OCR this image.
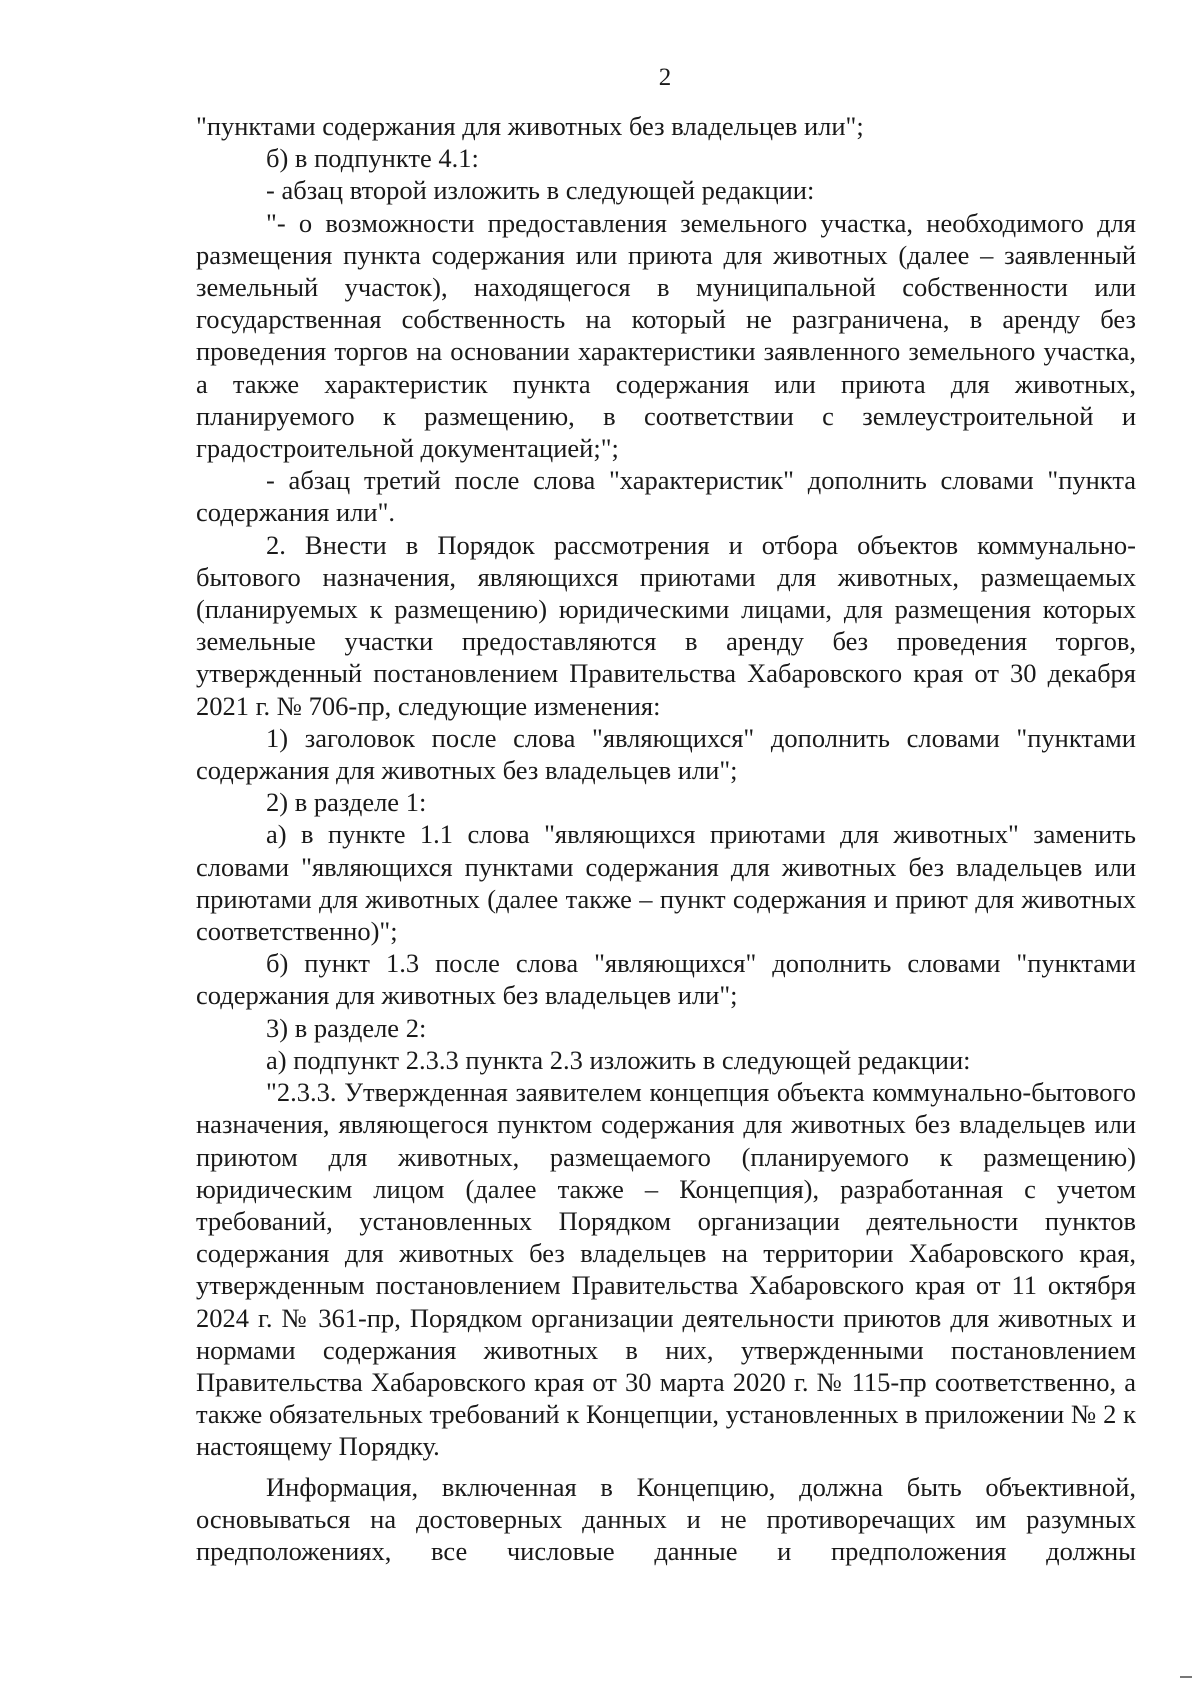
2

"пунктами содержания для животных без владельцев или";

б) в подпункте 4.1:

- абзац второй изложить в следующей редакции:

"- о возможности предоставления земельного участка, необходимого для размещения пункта содержания или приюта для животных (далее – заявленный земельный участок), находящегося в муниципальной собственности или государственная собственность на который не разграничена, в аренду без проведения торгов на основании характеристики заявленного земельного участка, а также характеристик пункта содержания или приюта для животных, планируемого к размещению, в соответствии с землеустроительной и градостроительной документацией;";

- абзац третий после слова "характеристик" дополнить словами "пункта содержания или".

2. Внести в Порядок рассмотрения и отбора объектов коммунально-бытового назначения, являющихся приютами для животных, размещаемых (планируемых к размещению) юридическими лицами, для размещения которых земельные участки предоставляются в аренду без проведения торгов, утвержденный постановлением Правительства Хабаровского края от 30 декабря 2021 г. № 706-пр, следующие изменения:

1) заголовок после слова "являющихся" дополнить словами "пунктами содержания для животных без владельцев или";

2) в разделе 1:

а) в пункте 1.1 слова "являющихся приютами для животных" заменить словами "являющихся пунктами содержания для животных без владельцев или приютами для животных (далее также – пункт содержания и приют для животных соответственно)";

б) пункт 1.3 после слова "являющихся" дополнить словами "пунктами содержания для животных без владельцев или";

3) в разделе 2:

а) подпункт 2.3.3 пункта 2.3 изложить в следующей редакции:

"2.3.3. Утвержденная заявителем концепция объекта коммунально-бытового назначения, являющегося пунктом содержания для животных без владельцев или приютом для животных, размещаемого (планируемого к размещению) юридическим лицом (далее также – Концепция), разработанная с учетом требований, установленных Порядком организации деятельности пунктов содержания для животных без владельцев на территории Хабаровского края, утвержденным постановлением Правительства Хабаровского края от 11 октября 2024 г. № 361-пр, Порядком организации деятельности приютов для животных и нормами содержания животных в них, утвержденными постановлением Правительства Хабаровского края от 30 марта 2020 г. № 115-пр соответственно, а также обязательных требований к Концепции, установленных в приложении № 2 к настоящему Порядку.

Информация, включенная в Концепцию, должна быть объективной, основываться на достоверных данных и не противоречащих им разумных предположениях, все числовые данные и предположения должны
